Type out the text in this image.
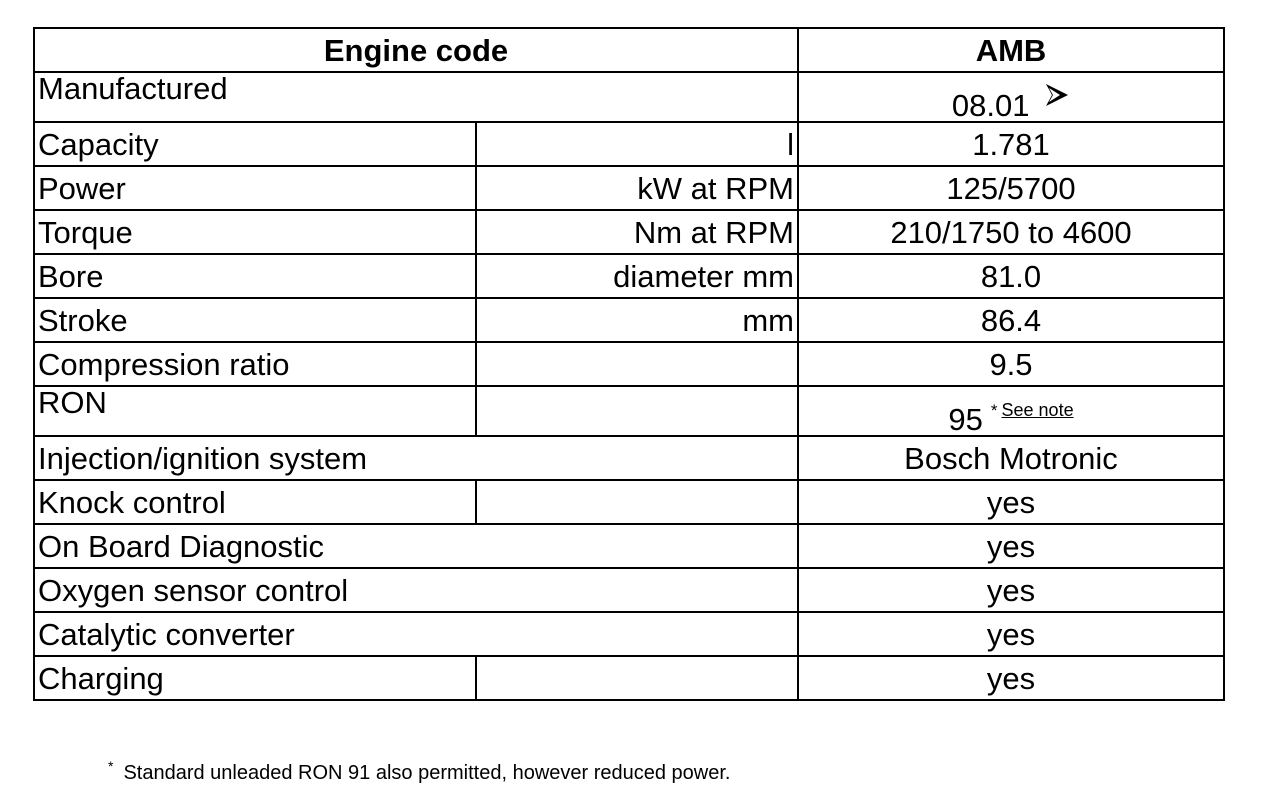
Engine code		AMB
Manufactured		08.01
Capacity	l	1.781
Power	kW at RPM	125/5700
Torque	Nm at RPM	210/1750 to 4600
Bore	diameter mm	81.0
Stroke	mm	86.4
Compression ratio		9.5
RON		95 * $^{See note}$
Injection/ignition system		Bosch Motronic
Knock control		yes
On Board Diagnostic		yes
Oxygen sensor control		yes
Catalytic converter		yes
Charging		yes
* Standard unleaded RON 91 also permitted, however reduced power.
